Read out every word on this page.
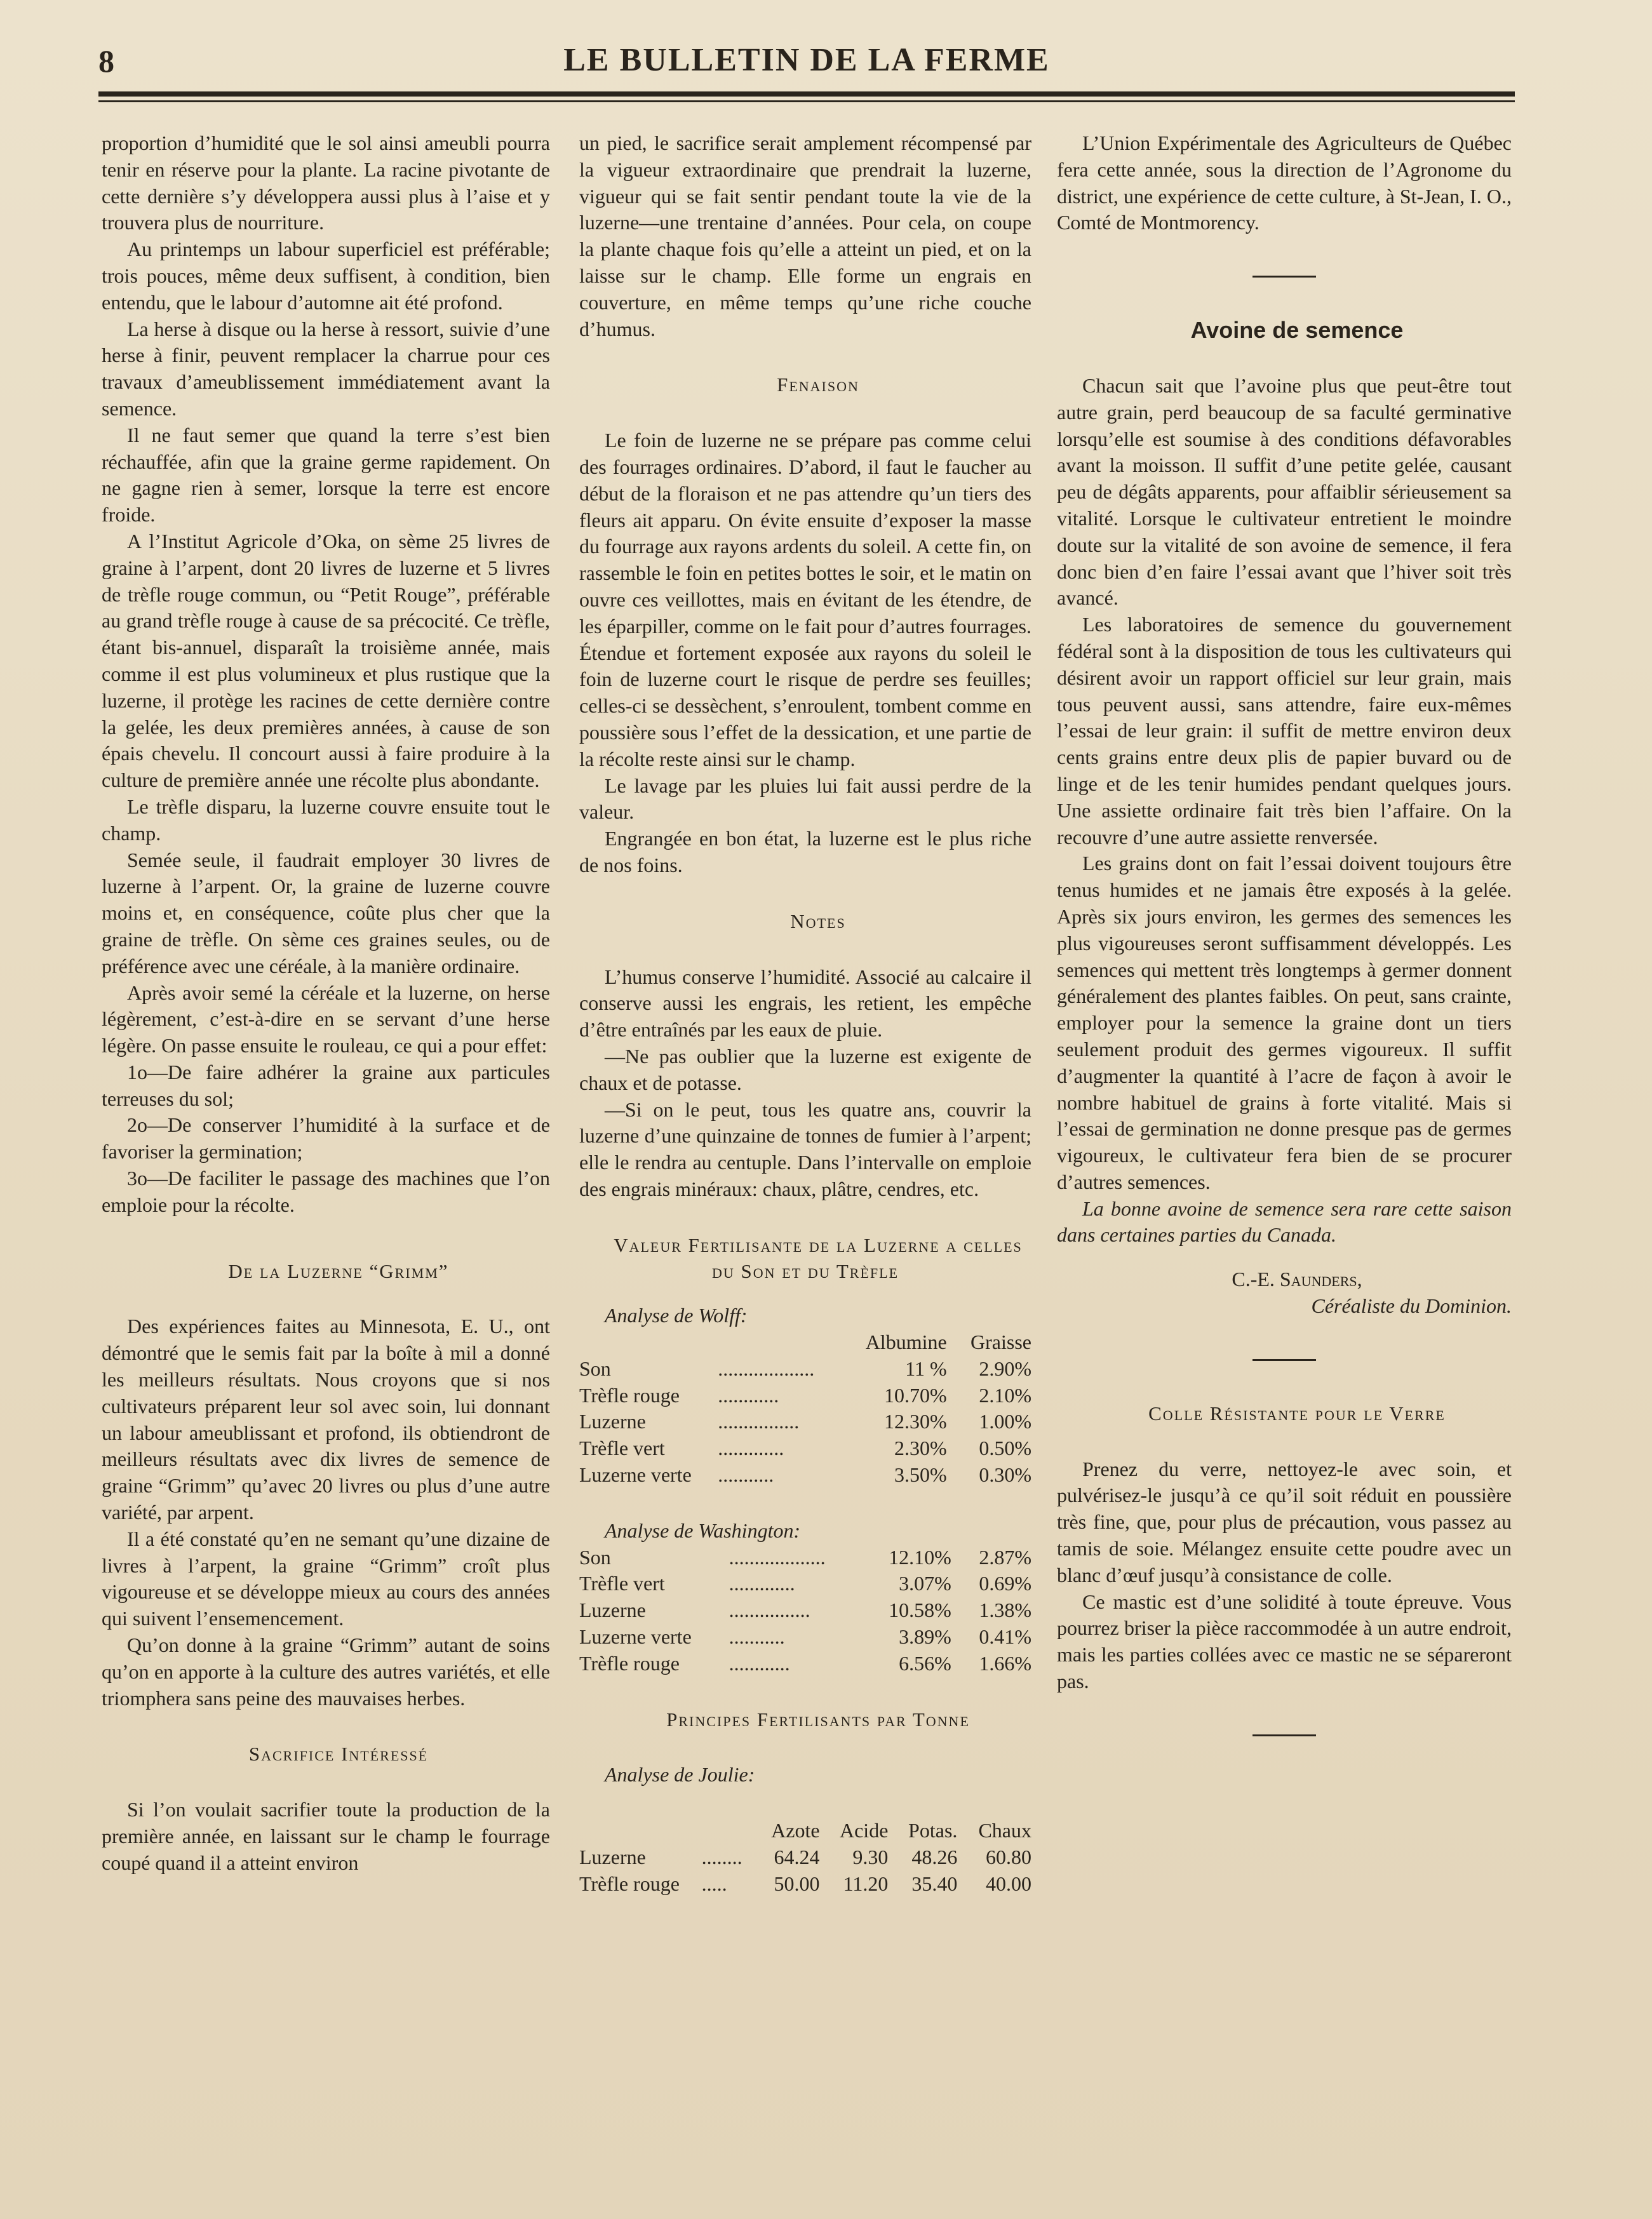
8	LE BULLETIN DE LA FERME

proportion d’humidité que le sol ainsi ameubli pourra tenir en réserve pour la plante. La racine pivotante de cette dernière s’y développera aussi plus à l’aise et y trouvera plus de nourriture.

Au printemps un labour superficiel est préférable; trois pouces, même deux suffisent, à condition, bien entendu, que le labour d’automne ait été profond.

La herse à disque ou la herse à ressort, suivie d’une herse à finir, peuvent remplacer la charrue pour ces travaux d’ameublissement immédiatement avant la semence.

Il ne faut semer que quand la terre s’est bien réchauffée, afin que la graine germe rapidement. On ne gagne rien à semer, lorsque la terre est encore froide.

A l’Institut Agricole d’Oka, on sème 25 livres de graine à l’arpent, dont 20 livres de luzerne et 5 livres de trèfle rouge commun, ou “Petit Rouge”, préférable au grand trèfle rouge à cause de sa précocité. Ce trèfle, étant bis-annuel, disparaît la troisième année, mais comme il est plus volumineux et plus rustique que la luzerne, il protège les racines de cette dernière contre la gelée, les deux premières années, à cause de son épais chevelu. Il concourt aussi à faire produire à la culture de première année une récolte plus abondante.

Le trèfle disparu, la luzerne couvre ensuite tout le champ.

Semée seule, il faudrait employer 30 livres de luzerne à l’arpent. Or, la graine de luzerne couvre moins et, en conséquence, coûte plus cher que la graine de trèfle. On sème ces graines seules, ou de préférence avec une céréale, à la manière ordinaire.

Après avoir semé la céréale et la luzerne, on herse légèrement, c’est-à-dire en se servant d’une herse légère. On passe ensuite le rouleau, ce qui a pour effet:

1o—De faire adhérer la graine aux particules terreuses du sol;

2o—De conserver l’humidité à la surface et de favoriser la germination;

3o—De faciliter le passage des machines que l’on emploie pour la récolte.

De la Luzerne “Grimm”

Des expériences faites au Minnesota, E. U., ont démontré que le semis fait par la boîte à mil a donné les meilleurs résultats. Nous croyons que si nos cultivateurs préparent leur sol avec soin, lui donnant un labour ameublissant et profond, ils obtiendront de meilleurs résultats avec dix livres de semence de graine “Grimm” qu’avec 20 livres ou plus d’une autre variété, par arpent.

Il a été constaté qu’en ne semant qu’une dizaine de livres à l’arpent, la graine “Grimm” croît plus vigoureuse et se développe mieux au cours des années qui suivent l’ensemencement.

Qu’on donne à la graine “Grimm” autant de soins qu’on en apporte à la culture des autres variétés, et elle triomphera sans peine des mauvaises herbes.

Sacrifice Intéressé

Si l’on voulait sacrifier toute la production de la première année, en laissant sur le champ le fourrage coupé quand il a atteint environ

un pied, le sacrifice serait amplement récompensé par la vigueur extraordinaire que prendrait la luzerne, vigueur qui se fait sentir pendant toute la vie de la luzerne—une trentaine d’années. Pour cela, on coupe la plante chaque fois qu’elle a atteint un pied, et on la laisse sur le champ. Elle forme un engrais en couverture, en même temps qu’une riche couche d’humus.

Fenaison

Le foin de luzerne ne se prépare pas comme celui des fourrages ordinaires. D’abord, il faut le faucher au début de la floraison et ne pas attendre qu’un tiers des fleurs ait apparu. On évite ensuite d’exposer la masse du fourrage aux rayons ardents du soleil. A cette fin, on rassemble le foin en petites bottes le soir, et le matin on ouvre ces veillottes, mais en évitant de les étendre, de les éparpiller, comme on le fait pour d’autres fourrages. Étendue et fortement exposée aux rayons du soleil le foin de luzerne court le risque de perdre ses feuilles; celles-ci se dessèchent, s’enroulent, tombent comme en poussière sous l’effet de la dessication, et une partie de la récolte reste ainsi sur le champ.

Le lavage par les pluies lui fait aussi perdre de la valeur.

Engrangée en bon état, la luzerne est le plus riche de nos foins.

Notes

L’humus conserve l’humidité. Associé au calcaire il conserve aussi les engrais, les retient, les empêche d’être entraînés par les eaux de pluie.

—Ne pas oublier que la luzerne est exigente de chaux et de potasse.

—Si on le peut, tous les quatre ans, couvrir la luzerne d’une quinzaine de tonnes de fumier à l’arpent; elle le rendra au centuple. Dans l’intervalle on emploie des engrais minéraux: chaux, plâtre, cendres, etc.

Valeur Fertilisante de la Luzerne a celles du Son et du Trèfle

Analyse de Wolff:

		Albumine	Graisse
Son	...................	11 %	2.90%
Trèfle rouge	............	10.70%	2.10%
Luzerne	................	12.30%	1.00%
Trèfle vert	.............	2.30%	0.50%
Luzerne verte	...........	3.50%	0.30%

Analyse de Washington:

Son	...................	12.10%	2.87%
Trèfle vert	.............	3.07%	0.69%
Luzerne	................	10.58%	1.38%
Luzerne verte	...........	3.89%	0.41%
Trèfle rouge	............	6.56%	1.66%

Principes Fertilisants par Tonne

Analyse de Joulie:

		Azote	Acide	Potas.	Chaux
Luzerne	........	64.24	9.30	48.26	60.80
Trèfle rouge	.....	50.00	11.20	35.40	40.00

L’Union Expérimentale des Agriculteurs de Québec fera cette année, sous la direction de l’Agronome du district, une expérience de cette culture, à St-Jean, I. O., Comté de Montmorency.

Avoine de semence

Chacun sait que l’avoine plus que peut-être tout autre grain, perd beaucoup de sa faculté germinative lorsqu’elle est soumise à des conditions défavorables avant la moisson. Il suffit d’une petite gelée, causant peu de dégâts apparents, pour affaiblir sérieusement sa vitalité. Lorsque le cultivateur entretient le moindre doute sur la vitalité de son avoine de semence, il fera donc bien d’en faire l’essai avant que l’hiver soit très avancé.

Les laboratoires de semence du gouvernement fédéral sont à la disposition de tous les cultivateurs qui désirent avoir un rapport officiel sur leur grain, mais tous peuvent aussi, sans attendre, faire eux-mêmes l’essai de leur grain: il suffit de mettre environ deux cents grains entre deux plis de papier buvard ou de linge et de les tenir humides pendant quelques jours. Une assiette ordinaire fait très bien l’affaire. On la recouvre d’une autre assiette renversée.

Les grains dont on fait l’essai doivent toujours être tenus humides et ne jamais être exposés à la gelée. Après six jours environ, les germes des semences les plus vigoureuses seront suffisamment développés. Les semences qui mettent très longtemps à germer donnent généralement des plantes faibles. On peut, sans crainte, employer pour la semence la graine dont un tiers seulement produit des germes vigoureux. Il suffit d’augmenter la quantité à l’acre de façon à avoir le nombre habituel de grains à forte vitalité. Mais si l’essai de germination ne donne presque pas de germes vigoureux, le cultivateur fera bien de se procurer d’autres semences.

La bonne avoine de semence sera rare cette saison dans certaines parties du Canada.

C.-E. Saunders,

Céréaliste du Dominion.

Colle Résistante pour le Verre

Prenez du verre, nettoyez-le avec soin, et pulvérisez-le jusqu’à ce qu’il soit réduit en poussière très fine, que, pour plus de précaution, vous passez au tamis de soie. Mélangez ensuite cette poudre avec un blanc d’œuf jusqu’à consistance de colle.

Ce mastic est d’une solidité à toute épreuve. Vous pourrez briser la pièce raccommodée à un autre endroit, mais les parties collées avec ce mastic ne se sépareront pas.
